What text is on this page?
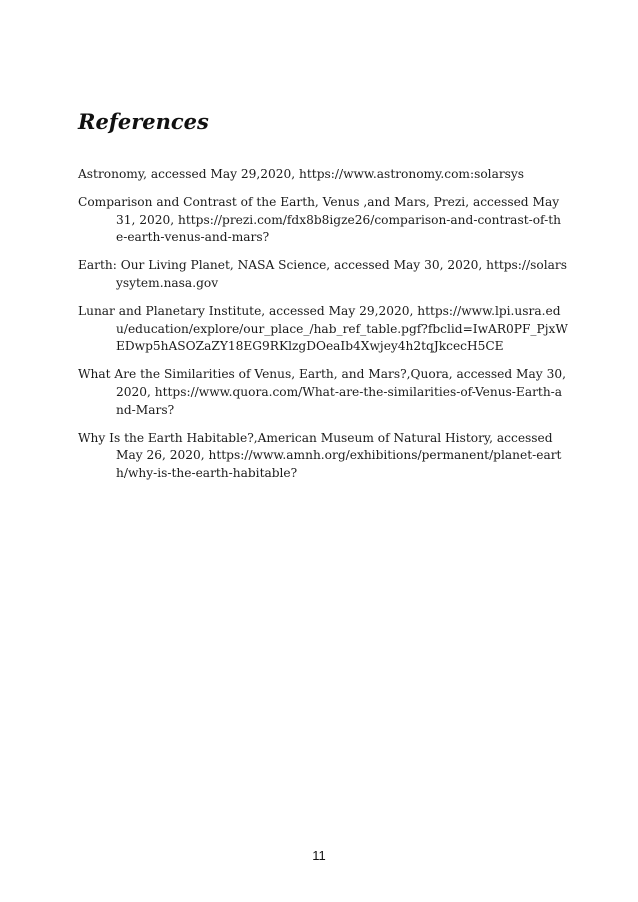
References
Astronomy, accessed May 29,2020, https://www.astronomy.com:solarsys
Comparison and Contrast of the Earth, Venus ,and Mars, Prezi, accessed May 31, 2020, https://prezi.com/fdx8b8igze26/comparison-and-contrast-of-the-earth-venus-and-mars?
Earth: Our Living Planet, NASA Science, accessed May 30, 2020, https://solarsysytem.nasa.gov
Lunar and Planetary Institute, accessed May 29,2020, https://www.lpi.usra.edu/education/explore/our_place_/hab_ref_table.pgf?fbclid=IwAR0PF_PjxWEDwp5hASOZaZY18EG9RKlzgDOeaIb4Xwjey4h2tqJkcecH5CE
What Are the Similarities of Venus, Earth, and Mars?,Quora, accessed May 30, 2020, https://www.quora.com/What-are-the-similarities-of-Venus-Earth-and-Mars?
Why Is the Earth Habitable?,American Museum of Natural History, accessed May 26, 2020, https://www.amnh.org/exhibitions/permanent/planet-earth/why-is-the-earth-habitable?
11
